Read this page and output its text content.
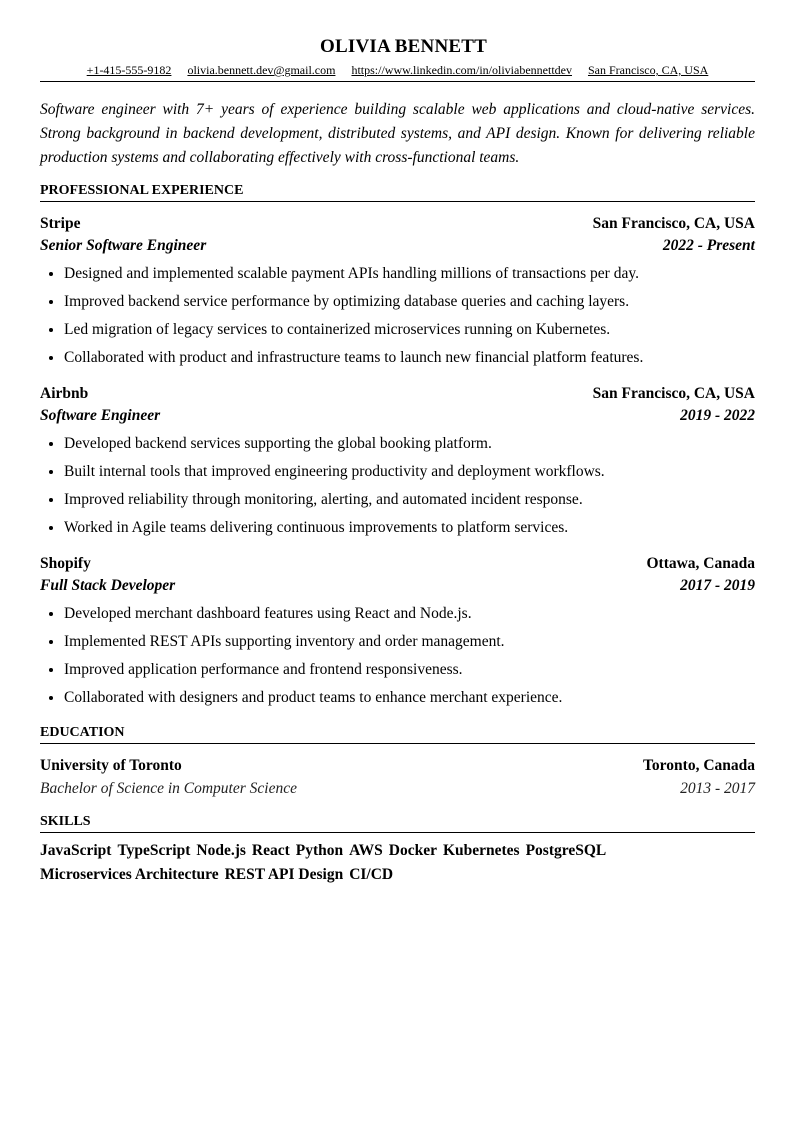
OLIVIA BENNETT
+1-415-555-9182 olivia.bennett.dev@gmail.com https://www.linkedin.com/in/oliviabennettdev San Francisco, CA, USA
Software engineer with 7+ years of experience building scalable web applications and cloud-native services. Strong background in backend development, distributed systems, and API design. Known for delivering reliable production systems and collaborating effectively with cross-functional teams.
PROFESSIONAL EXPERIENCE
Stripe	San Francisco, CA, USA
Senior Software Engineer	2022 - Present
• Designed and implemented scalable payment APIs handling millions of transactions per day.
• Improved backend service performance by optimizing database queries and caching layers.
• Led migration of legacy services to containerized microservices running on Kubernetes.
• Collaborated with product and infrastructure teams to launch new financial platform features.
Airbnb	San Francisco, CA, USA
Software Engineer	2019 - 2022
• Developed backend services supporting the global booking platform.
• Built internal tools that improved engineering productivity and deployment workflows.
• Improved reliability through monitoring, alerting, and automated incident response.
• Worked in Agile teams delivering continuous improvements to platform services.
Shopify	Ottawa, Canada
Full Stack Developer	2017 - 2019
• Developed merchant dashboard features using React and Node.js.
• Implemented REST APIs supporting inventory and order management.
• Improved application performance and frontend responsiveness.
• Collaborated with designers and product teams to enhance merchant experience.
EDUCATION
University of Toronto	Toronto, Canada
Bachelor of Science in Computer Science	2013 - 2017
SKILLS
JavaScript TypeScript Node.js React Python AWS Docker Kubernetes PostgreSQLMicroservices Architecture REST API Design CI/CD
